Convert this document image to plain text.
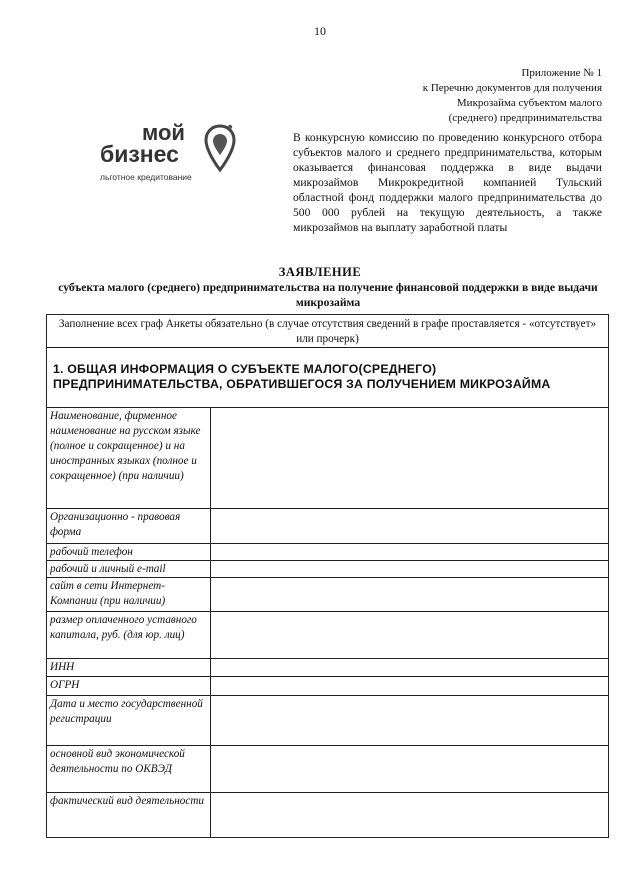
10
Приложение № 1
к Перечню документов для получения
Микрозайма субъектом малого
(среднего) предпринимательства
мой
бизнес
льготное кредитование
В конкурсную комиссию по проведению конкурсного отбора субъектов малого и среднего предпринимательства, которым оказывается финансовая поддержка в виде выдачи микрозаймов Микрокредитной компанией Тульский областной фонд поддержки малого предпринимательства до 500 000 рублей на текущую деятельность, а также микрозаймов на выплату заработной платы
ЗАЯВЛЕНИЕ
субъекта малого (среднего) предпринимательства на получение финансовой поддержки в виде выдачи микрозайма
Заполнение всех граф Анкеты обязательно (в случае отсутствия сведений в графе проставляется - «отсутствует» или прочерк)
1. ОБЩАЯ ИНФОРМАЦИЯ О СУБЪЕКТЕ МАЛОГО(СРЕДНЕГО) ПРЕДПРИНИМАТЕЛЬСТВА, ОБРАТИВШЕГОСЯ ЗА ПОЛУЧЕНИЕМ МИКРОЗАЙМА
Наименование, фирменное наименование на русском языке (полное и сокращенное) и на иностранных языках (полное и сокращенное) (при наличии)
Организационно - правовая форма
рабочий телефон
рабочий и личный e-mail
сайт в сети Интернет-Компании (при наличии)
размер оплаченного уставного капитала, руб. (для юр. лиц)
ИНН
ОГРН
Дата и место государственной регистрации
основной вид экономической деятельности по ОКВЭД
фактический вид деятельности
